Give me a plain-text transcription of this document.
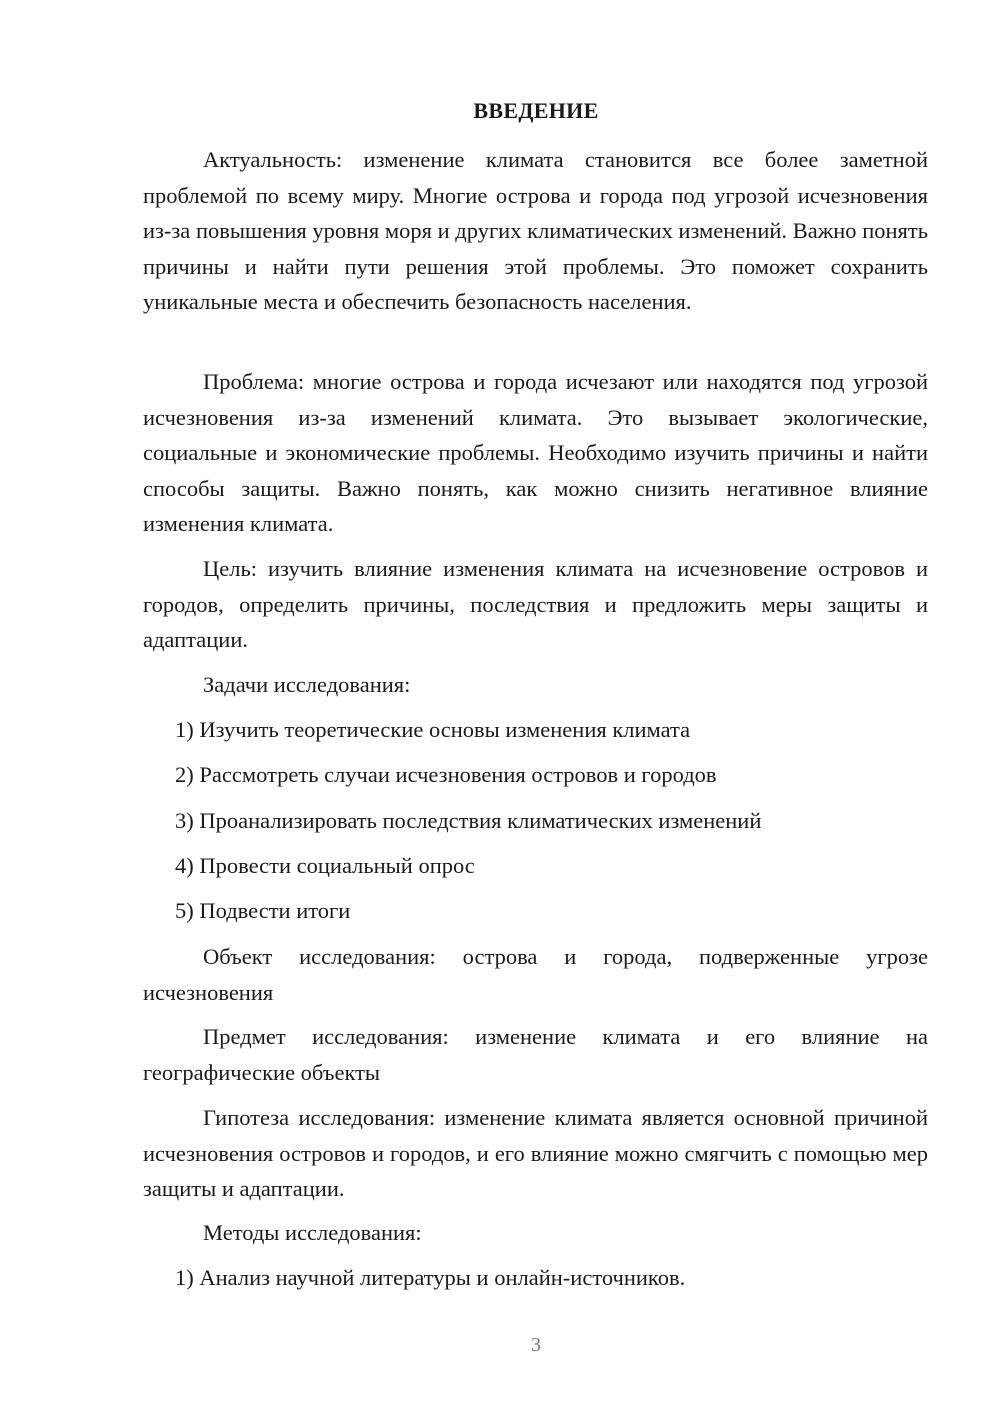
ВВЕДЕНИЕ

Актуальность: изменение климата становится все более заметной проблемой по всему миру. Многие острова и города под угрозой исчезновения из-за повышения уровня моря и других климатических изменений. Важно понять причины и найти пути решения этой проблемы. Это поможет сохранить уникальные места и обеспечить безопасность населения.

Проблема: многие острова и города исчезают или находятся под угрозой исчезновения из-за изменений климата. Это вызывает экологические, социальные и экономические проблемы. Необходимо изучить причины и найти способы защиты. Важно понять, как можно снизить негативное влияние изменения климата.

Цель: изучить влияние изменения климата на исчезновение островов и городов, определить причины, последствия и предложить меры защиты и адаптации.

Задачи исследования:

1) Изучить теоретические основы изменения климата

2) Рассмотреть случаи исчезновения островов и городов

3) Проанализировать последствия климатических изменений

4) Провести социальный опрос

5) Подвести итоги

Объект исследования: острова и города, подверженные угрозе исчезновения

Предмет исследования: изменение климата и его влияние на географические объекты

Гипотеза исследования: изменение климата является основной причиной исчезновения островов и городов, и его влияние можно смягчить с помощью мер защиты и адаптации.

Методы исследования:

1) Анализ научной литературы и онлайн-источников.

3
